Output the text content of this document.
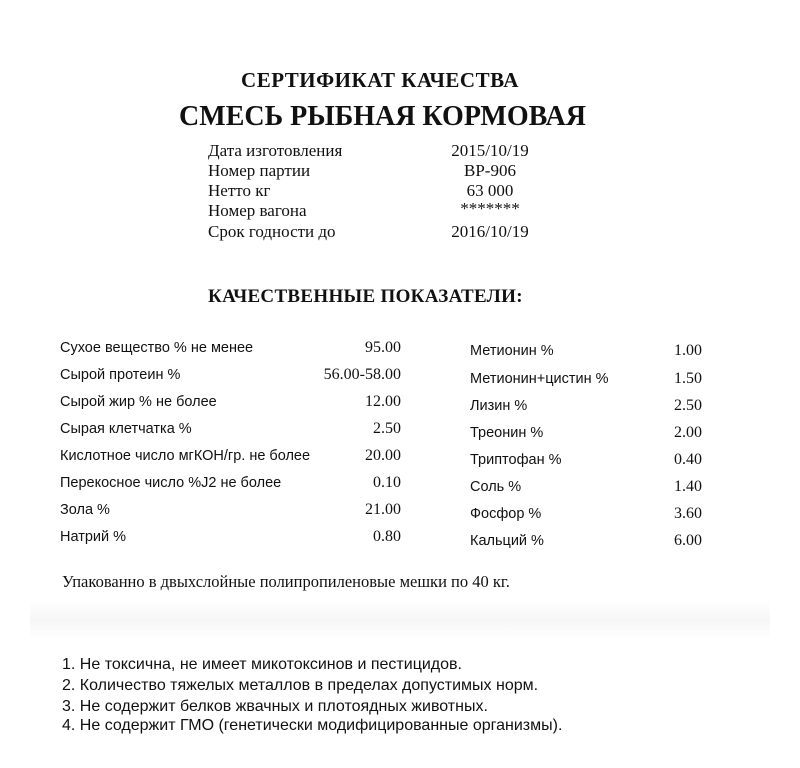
СЕРТИФИКАТ КАЧЕСТВА
СМЕСЬ РЫБНАЯ КОРМОВАЯ
Дата изготовления	2015/10/19
Номер партии	BP-906
Нетто кг	63 000
Номер вагона	*******
Срок годности до	2016/10/19
КАЧЕСТВЕННЫЕ ПОКАЗАТЕЛИ:
Сухое вещество % не менее	95.00
Сырой протеин %	56.00-58.00
Сырой жир % не более	12.00
Сырая клетчатка %	2.50
Кислотное число мгКОН/гр. не более	20.00
Перекосное число %J2 не более	0.10
Зола %	21.00
Натрий %	0.80
Метионин %	1.00
Метионин+цистин %	1.50
Лизин %	2.50
Треонин %	2.00
Триптофан %	0.40
Соль %	1.40
Фосфор %	3.60
Кальций %	6.00
Упакованно в двыхслойные полипропиленовые мешки по 40 кг.
1. Не токсична, не имеет микотоксинов и пестицидов.
2. Количество тяжелых металлов в пределах допустимых норм.
3. Не содержит белков жвачных и плотоядных животных.
4. Не содержит ГМО (генетически модифицированные организмы).
